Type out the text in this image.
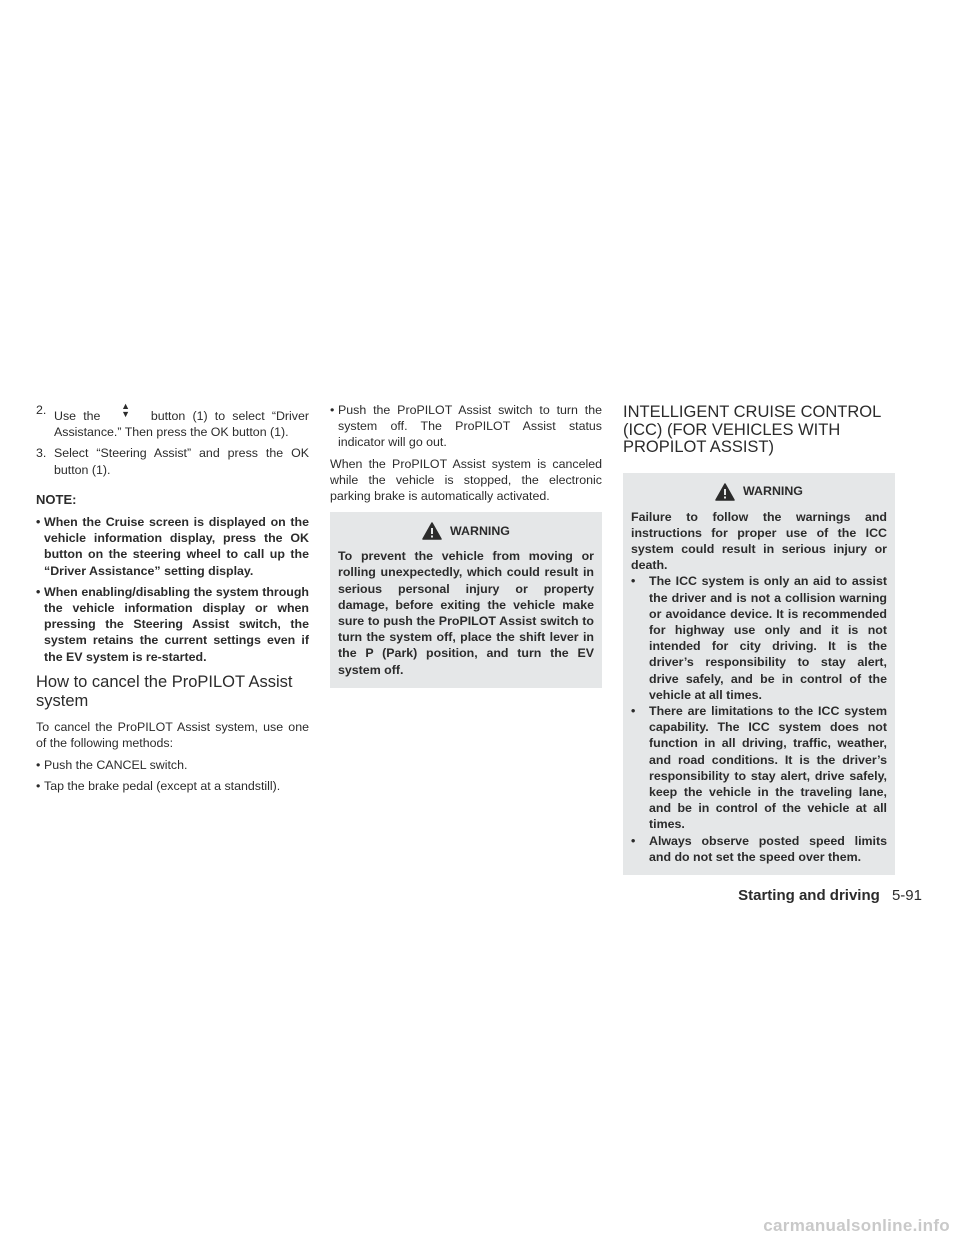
2. Use the ▲
▼ button (1) to select “Driver Assistance.” Then press the OK button (1).
3. Select “Steering Assist” and press the OK button (1).
NOTE:
• When the Cruise screen is displayed on the vehicle information display, press the OK button on the steering wheel to call up the “Driver Assistance” setting display.
• When enabling/disabling the system through the vehicle information display or when pressing the Steering Assist switch, the system retains the current settings even if the EV system is re-started.
How to cancel the ProPILOT Assist system

To cancel the ProPILOT Assist system, use one of the following methods:

• Push the CANCEL switch.
• Tap the brake pedal (except at a standstill).
• Push the ProPILOT Assist switch to turn the system off. The ProPILOT Assist status indicator will go out.

When the ProPILOT Assist system is canceled while the vehicle is stopped, the electronic parking brake is automatically activated.

WARNING
To prevent the vehicle from moving or rolling unexpectedly, which could result in serious personal injury or property damage, before exiting the vehicle make sure to push the ProPILOT Assist switch to turn the system off, place the shift lever in the P (Park) position, and turn the EV system off.
INTELLIGENT CRUISE CONTROL (ICC) (FOR VEHICLES WITH PROPILOT ASSIST)
WARNING
Failure to follow the warnings and instructions for proper use of the ICC system could result in serious injury or death.
• The ICC system is only an aid to assist the driver and is not a collision warning or avoidance device. It is recommended for highway use only and it is not intended for city driving. It is the driver’s responsibility to stay alert, drive safely, and be in control of the vehicle at all times.
• There are limitations to the ICC system capability. The ICC system does not function in all driving, traffic, weather, and road conditions. It is the driver’s responsibility to stay alert, drive safely, keep the vehicle in the traveling lane, and be in control of the vehicle at all times.
• Always observe posted speed limits and do not set the speed over them.
Starting and driving 5-91
carmanualsonline.info
